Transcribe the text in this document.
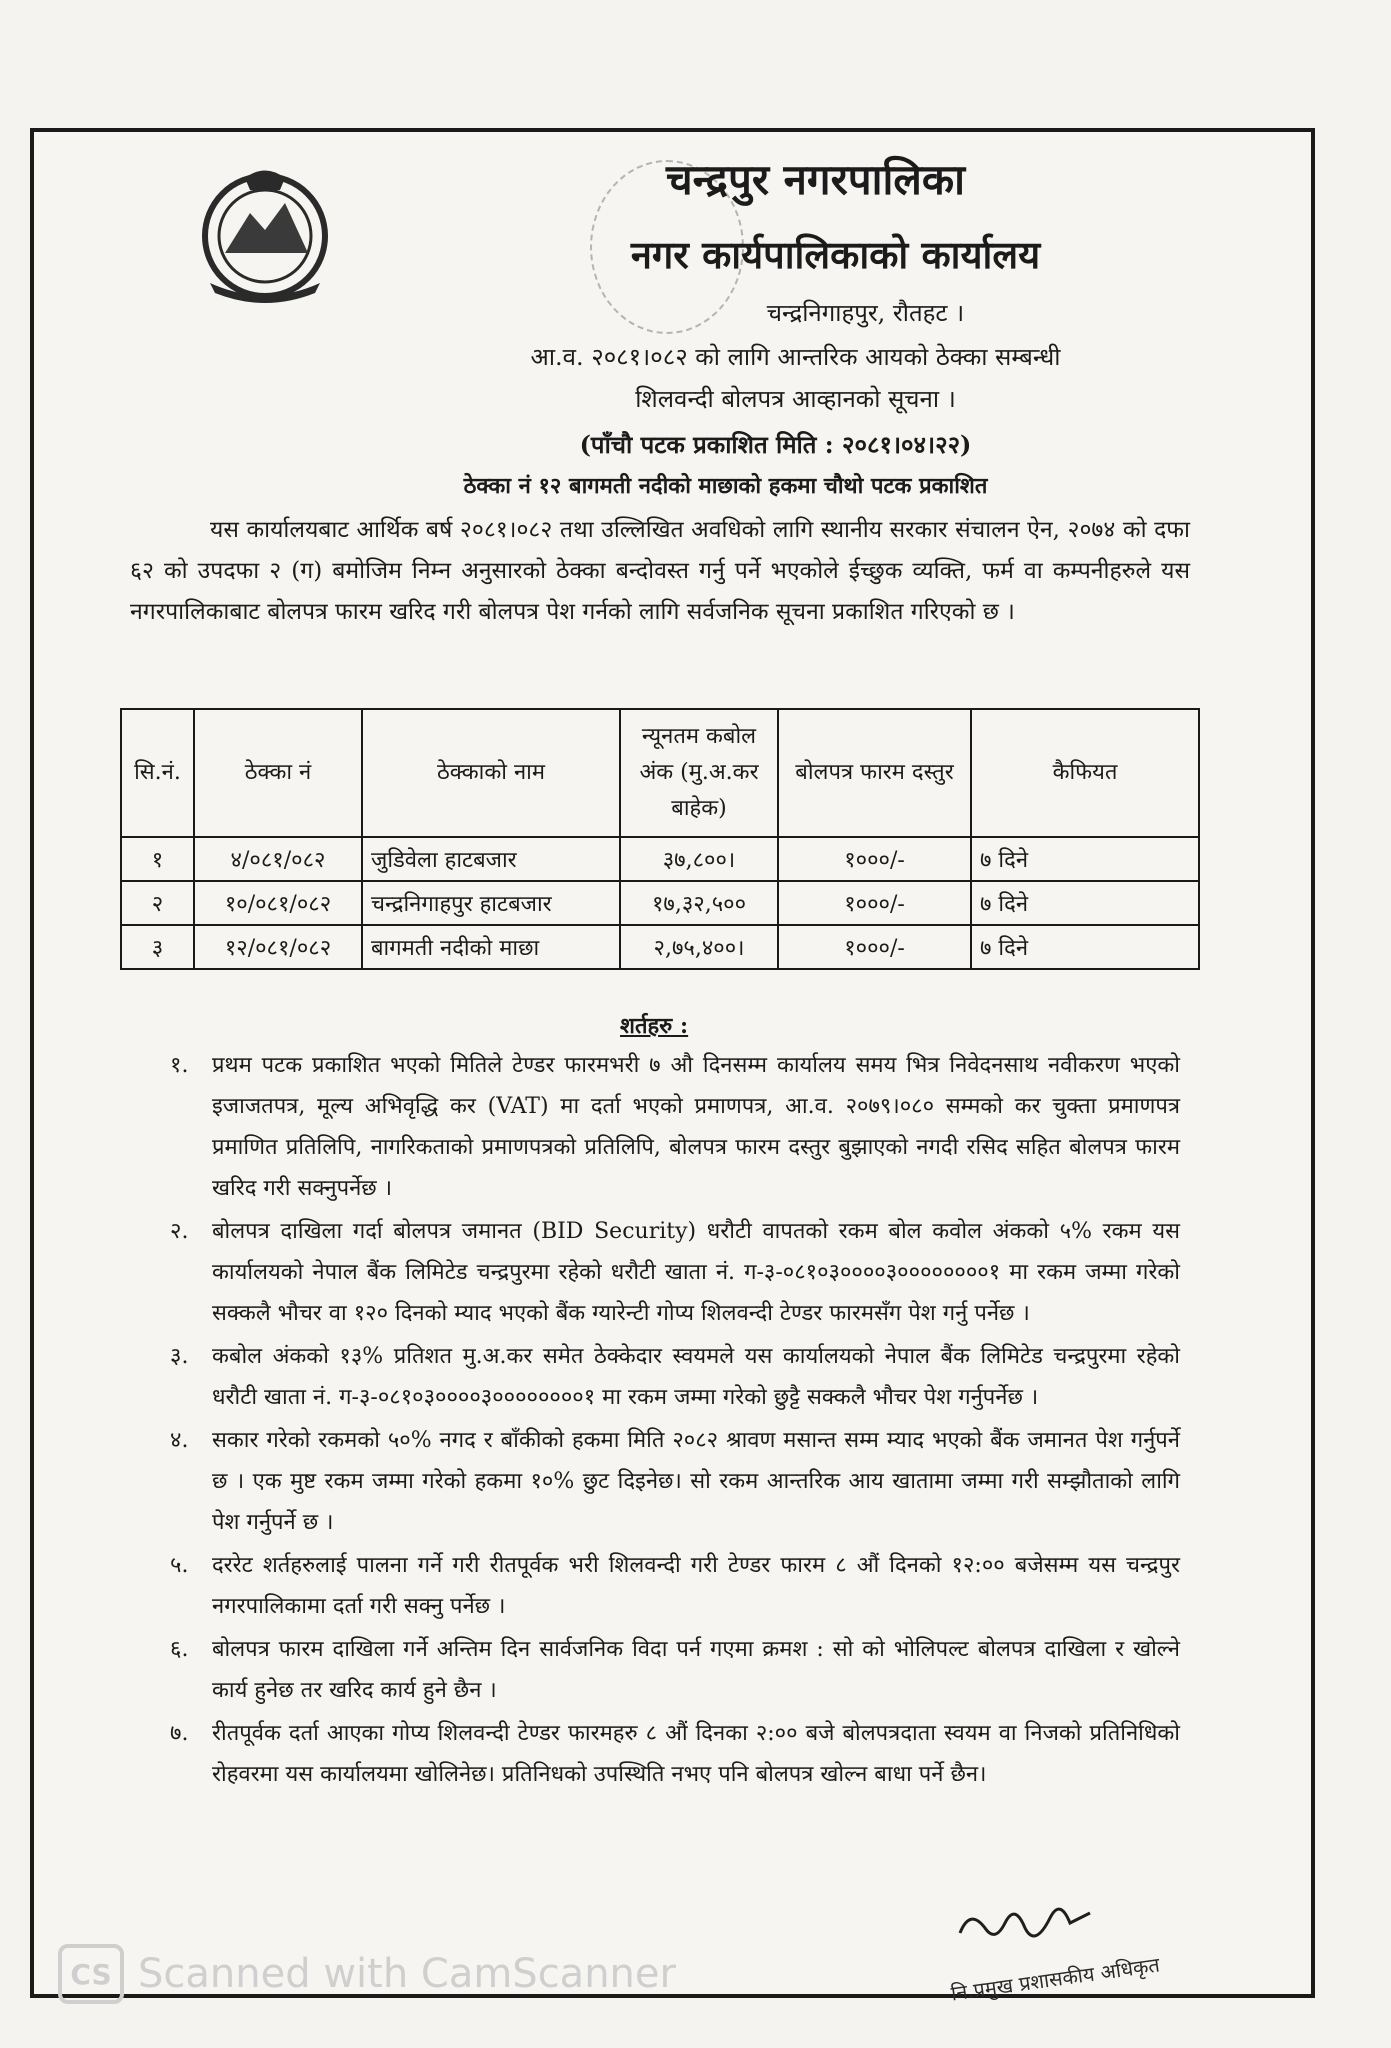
चन्द्रपुर नगरपालिका
नगर कार्यपालिकाको कार्यालय
चन्द्रनिगाहपुर, रौतहट ।
आ.व. २०८१।०८२ को लागि आन्तरिक आयको ठेक्का सम्बन्धी
शिलवन्दी बोलपत्र आव्हानको सूचना ।
(पाँचौ पटक प्रकाशित मिति : २०८१।०४।२२)
ठेक्का नं १२ बागमती नदीको माछाको हकमा चौथो पटक प्रकाशित
यस कार्यालयबाट आर्थिक बर्ष २०८१।०८२ तथा उल्लिखित अवधिको लागि स्थानीय सरकार संचालन ऐन, २०७४ को दफा ६२ को उपदफा २ (ग) बमोजिम निम्न अनुसारको ठेक्का बन्दोवस्त गर्नु पर्ने भएकोले ईच्छुक व्यक्ति, फर्म वा कम्पनीहरुले यस नगरपालिकाबाट बोलपत्र फारम खरिद गरी बोलपत्र पेश गर्नको लागि सर्वजनिक सूचना प्रकाशित गरिएको छ ।
सि.नं.	ठेक्का नं	ठेक्काको नाम	न्यूनतम कबोल अंक (मु.अ.कर बाहेक)	बोलपत्र फारम दस्तुर	कैफियत
१	४/०८१/०८२	जुडिवेला हाटबजार	३७,८००।	१०००/-	७ दिने
२	१०/०८१/०८२	चन्द्रनिगाहपुर हाटबजार	१७,३२,५००	१०००/-	७ दिने
३	१२/०८१/०८२	बागमती नदीको माछा	२,७५,४००।	१०००/-	७ दिने
शर्तहरु :
१.	प्रथम पटक प्रकाशित भएको मितिले टेण्डर फारमभरी ७ औ दिनसम्म कार्यालय समय भित्र निवेदनसाथ नवीकरण भएको इजाजतपत्र, मूल्य अभिवृद्धि कर (VAT) मा दर्ता भएको प्रमाणपत्र, आ.व. २०७९।०८० सम्मको कर चुक्ता प्रमाणपत्र प्रमाणित प्रतिलिपि, नागरिकताको प्रमाणपत्रको प्रतिलिपि, बोलपत्र फारम दस्तुर बुझाएको नगदी रसिद सहित बोलपत्र फारम खरिद गरी सक्नुपर्नेछ ।
२.	बोलपत्र दाखिला गर्दा बोलपत्र जमानत (BID Security) धरौटी वापतको रकम बोल कवोल अंकको ५% रकम यस कार्यालयको नेपाल बैंक लिमिटेड चन्द्रपुरमा रहेको धरौटी खाता नं. ग-३-०८१०३००००३००००००००१ मा रकम जम्मा गरेको सक्कलै भौचर वा १२० दिनको म्याद भएको बैंक ग्यारेन्टी गोप्य शिलवन्दी टेण्डर फारमसँग पेश गर्नु पर्नेछ ।
३.	कबोल अंकको १३% प्रतिशत मु.अ.कर समेत ठेक्केदार स्वयमले यस कार्यालयको नेपाल बैंक लिमिटेड चन्द्रपुरमा रहेको धरौटी खाता नं. ग-३-०८१०३००००३००००००००१ मा रकम जम्मा गरेको छुट्टै सक्कलै भौचर पेश गर्नुपर्नेछ ।
४.	सकार गरेको रकमको ५०% नगद र बाँकीको हकमा मिति २०८२ श्रावण मसान्त सम्म म्याद भएको बैंक जमानत पेश गर्नुपर्ने छ । एक मुष्ट रकम जम्मा गरेको हकमा १०% छुट दिइनेछ। सो रकम आन्तरिक आय खातामा जम्मा गरी सम्झौताको लागि पेश गर्नुपर्ने छ ।
५.	दररेट शर्तहरुलाई पालना गर्ने गरी रीतपूर्वक भरी शिलवन्दी गरी टेण्डर फारम ८ औं दिनको १२:०० बजेसम्म यस चन्द्रपुर नगरपालिकामा दर्ता गरी सक्नु पर्नेछ ।
६.	बोलपत्र फारम दाखिला गर्ने अन्तिम दिन सार्वजनिक विदा पर्न गएमा क्रमश : सो को भोलिपल्ट बोलपत्र दाखिला र खोल्ने कार्य हुनेछ तर खरिद कार्य हुने छैन ।
७.	रीतपूर्वक दर्ता आएका गोप्य शिलवन्दी टेण्डर फारमहरु ८ औं दिनका २:०० बजे बोलपत्रदाता स्वयम वा निजको प्रतिनिधिको रोहवरमा यस कार्यालयमा खोलिनेछ। प्रतिनिधको उपस्थिति नभए पनि बोलपत्र खोल्न बाधा पर्ने छैन।
नि.प्रमुख प्रशासकीय अधिकृत
CS Scanned with CamScanner
